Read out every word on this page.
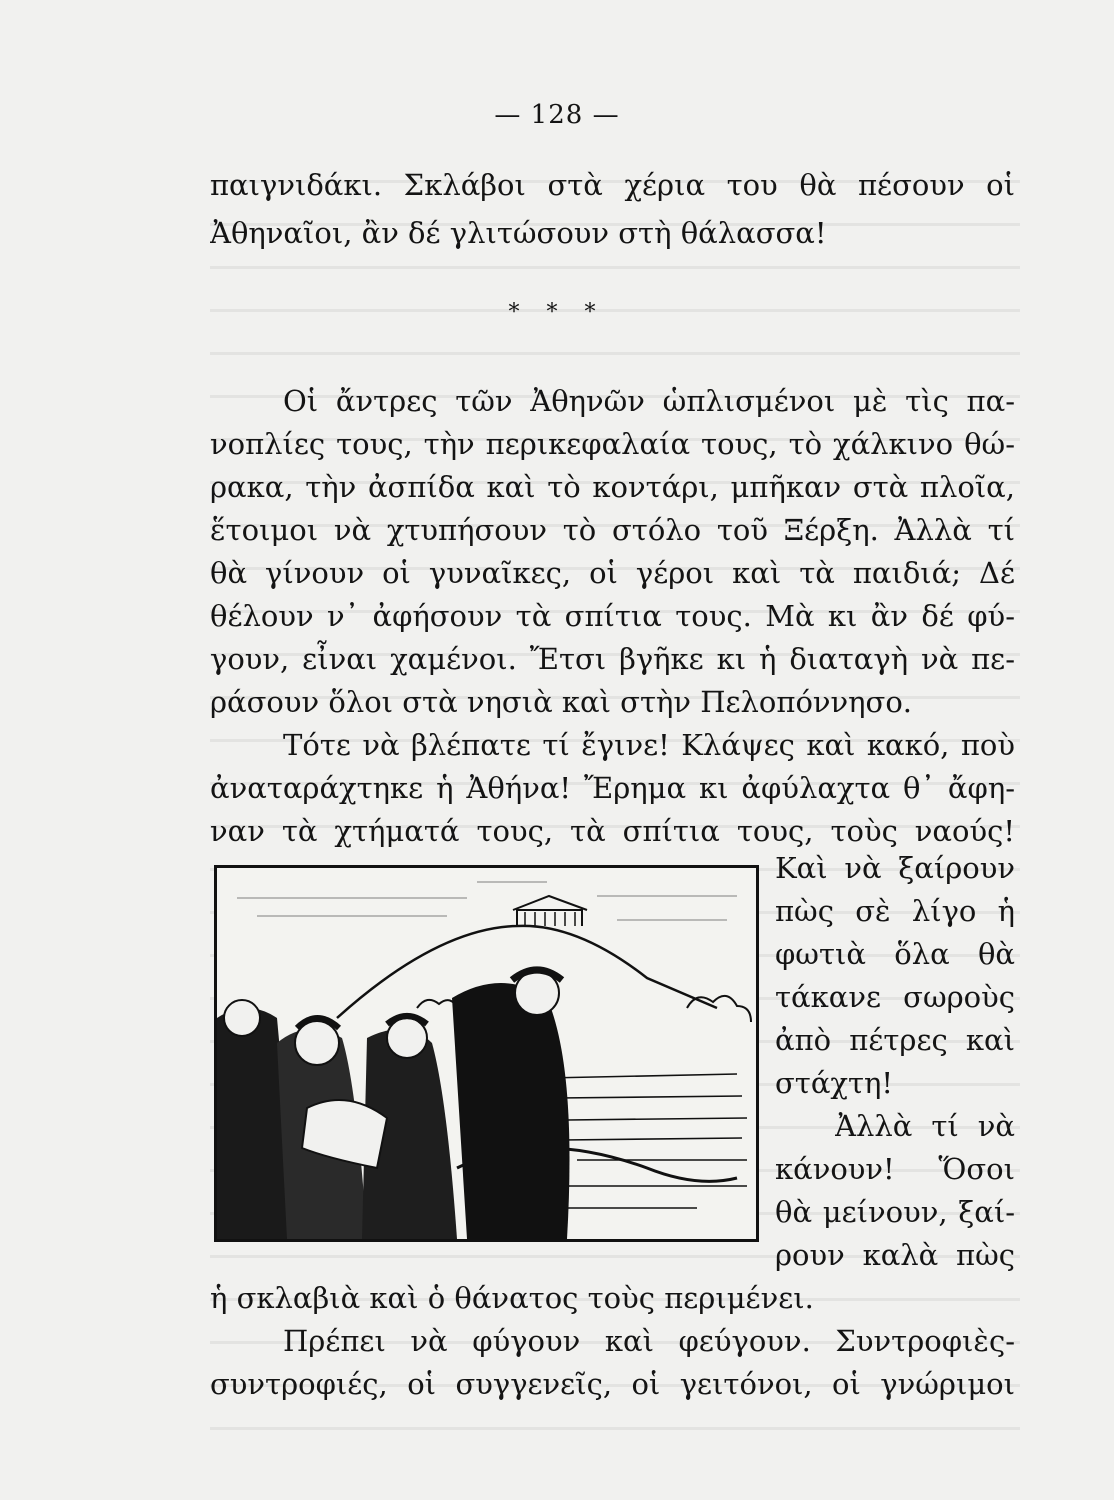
— 128 —
παιγνιδάκι. Σκλάβοι στὰ χέρια του θὰ πέσουν οἱ
Ἀθηναῖοι, ἂν δέ γλιτώσουν στὴ θάλασσα!
* * *
Οἱ ἄντρες τῶν Ἀθηνῶν ὡπλισμένοι μὲ τὶς πα-
νοπλίες τους, τὴν περικεφαλαία τους, τὸ χάλκινο θώ-
ρακα, τὴν ἀσπίδα καὶ τὸ κοντάρι, μπῆκαν στὰ πλοῖα,
ἕτοιμοι νὰ χτυπήσουν τὸ στόλο τοῦ Ξέρξη. Ἀλλὰ τί
θὰ γίνουν οἱ γυναῖκες, οἱ γέροι καὶ τὰ παιδιά; Δέ
θέλουν ν᾽ ἀφήσουν τὰ σπίτια τους. Μὰ κι ἂν δέ φύ-
γουν, εἶναι χαμένοι. Ἔτσι βγῆκε κι ἡ διαταγὴ νὰ πε-
ράσουν ὅλοι στὰ νησιὰ καὶ στὴν Πελοπόννησο.
Τότε νὰ βλέπατε τί ἔγινε! Κλάψες καὶ κακό, ποὺ
ἀναταράχτηκε ἡ Ἀθήνα! Ἔρημα κι ἀφύλαχτα θ᾽ ἄφη-
ναν τὰ χτήματά τους, τὰ σπίτια τους, τοὺς ναούς!
Καὶ νὰ ξαίρουν
πὼς σὲ λίγο ἡ
φωτιὰ ὅλα θὰ
τάκανε σωροὺς
ἀπὸ πέτρες καὶ
στάχτη!
Ἀλλὰ τί νὰ
κάνουν! Ὅσοι
θὰ μείνουν, ξαί-
ρουν καλὰ πὼς
ἡ σκλαβιὰ καὶ ὁ θάνατος τοὺς περιμένει.
Πρέπει νὰ φύγουν καὶ φεύγουν. Συντροφιὲς-
συντροφιές, οἱ συγγενεῖς, οἱ γειτόνοι, οἱ γνώριμοι
